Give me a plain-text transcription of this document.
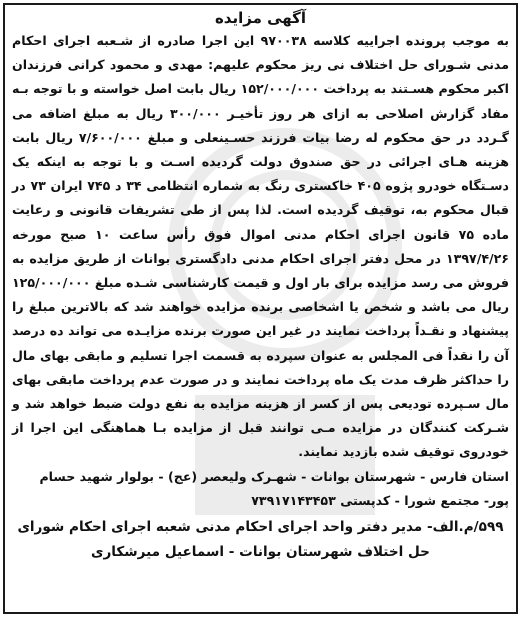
آگهی مزایده
به موجب پرونده اجراییه کلاسه ۹۷۰۰۳۸ این اجرا صادره از شـعبه اجرای احکام مدنی شـورای حل اختلاف نی ریز محکوم علیهم: مهدی و محمود کرانی فرزندان اکبر محکوم هسـتند به پرداخت ۱۵۲/۰۰۰/۰۰۰ ریال بابت اصل خواسته و با توجه بـه مفاد گزارش اصلاحی به ازای هر روز تأخیـر ۳۰۰/۰۰۰ ریال به مبلغ اضافه می گـردد در حق محکوم له رضا بیات فرزند حسـینعلی و مبلغ ۷/۶۰۰/۰۰۰ ریال بابت هزینه هـای اجرائی در حق صندوق دولت گردیده اسـت و با توجه به اینکه یک دسـتگاه خودرو پژوه ۴۰۵ خاکستری رنگ به شماره انتظامی ۳۴ د ۷۴۵ ایران ۷۳ در قبال محکوم به، توقیف گردیده است. لذا پس از طی تشریفات قانونی و رعایت ماده ۷۵ قانون اجرای احکام مدنی اموال فوق رأس ساعت ۱۰ صبح مورخه ۱۳۹۷/۴/۲۶ در محل دفتر اجرای احکام مدنی دادگستری بوانات از طریق مزایده به فروش می رسد مزایده برای بار اول و قیمت کارشناسی شـده مبلغ ۱۲۵/۰۰۰/۰۰۰ ریال می باشد و شخص یا اشخاصی برنده مزایده خواهند شد که بالاترین مبلغ را پیشنهاد و نقـداً پرداخت نمایند در غیر این صورت برنده مزایـده می تواند ده درصد آن را نقداً فی المجلس به عنوان سپرده به قسمت اجرا تسلیم و مابقی بهای مال را حداکثر ظرف مدت یک ماه پرداخت نمایند و در صورت عدم پرداخت مابقی بهای مال سـپرده تودیعی پس از کسر از هزینه مزایده به نفع دولت ضبط خواهد شد و شـرکت کنندگان در مزایده مـی توانند قبل از مزایده بـا هماهنگی این اجرا از خودروی توقیف شده بازدید نمایند.
استان فارس - شهرستان بوانات - شهـرک ولیعصر (عج) - بولوار شهید حسام پور- مجتمع شورا - کدپستی ۷۳۹۱۷۱۴۳۴۵۳
۵۹۹/م.الف- مدیر دفتر واحد اجرای احکام مدنی شعبه اجرای احکام شورای
حل اختلاف شهرستان بوانات - اسماعیل میرشکاری
